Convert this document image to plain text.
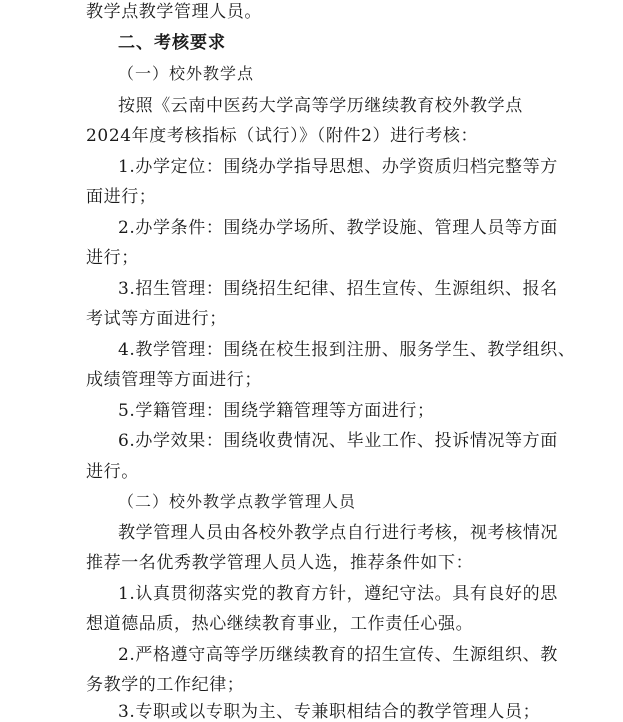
教学点教学管理人员。
二、考核要求
（一）校外教学点
按照《云南中医药大学高等学历继续教育校外教学点
2024年度考核指标（试行）》（附件2）进行考核：
1.办学定位：围绕办学指导思想、办学资质归档完整等方
面进行；
2.办学条件：围绕办学场所、教学设施、管理人员等方面
进行；
3.招生管理：围绕招生纪律、招生宣传、生源组织、报名
考试等方面进行；
4.教学管理：围绕在校生报到注册、服务学生、教学组织、
成绩管理等方面进行；
5.学籍管理：围绕学籍管理等方面进行；
6.办学效果：围绕收费情况、毕业工作、投诉情况等方面
进行。
（二）校外教学点教学管理人员
教学管理人员由各校外教学点自行进行考核，视考核情况
推荐一名优秀教学管理人员人选，推荐条件如下：
1.认真贯彻落实党的教育方针，遵纪守法。具有良好的思
想道德品质，热心继续教育事业，工作责任心强。
2.严格遵守高等学历继续教育的招生宣传、生源组织、教
务教学的工作纪律；
3.专职或以专职为主、专兼职相结合的教学管理人员；
